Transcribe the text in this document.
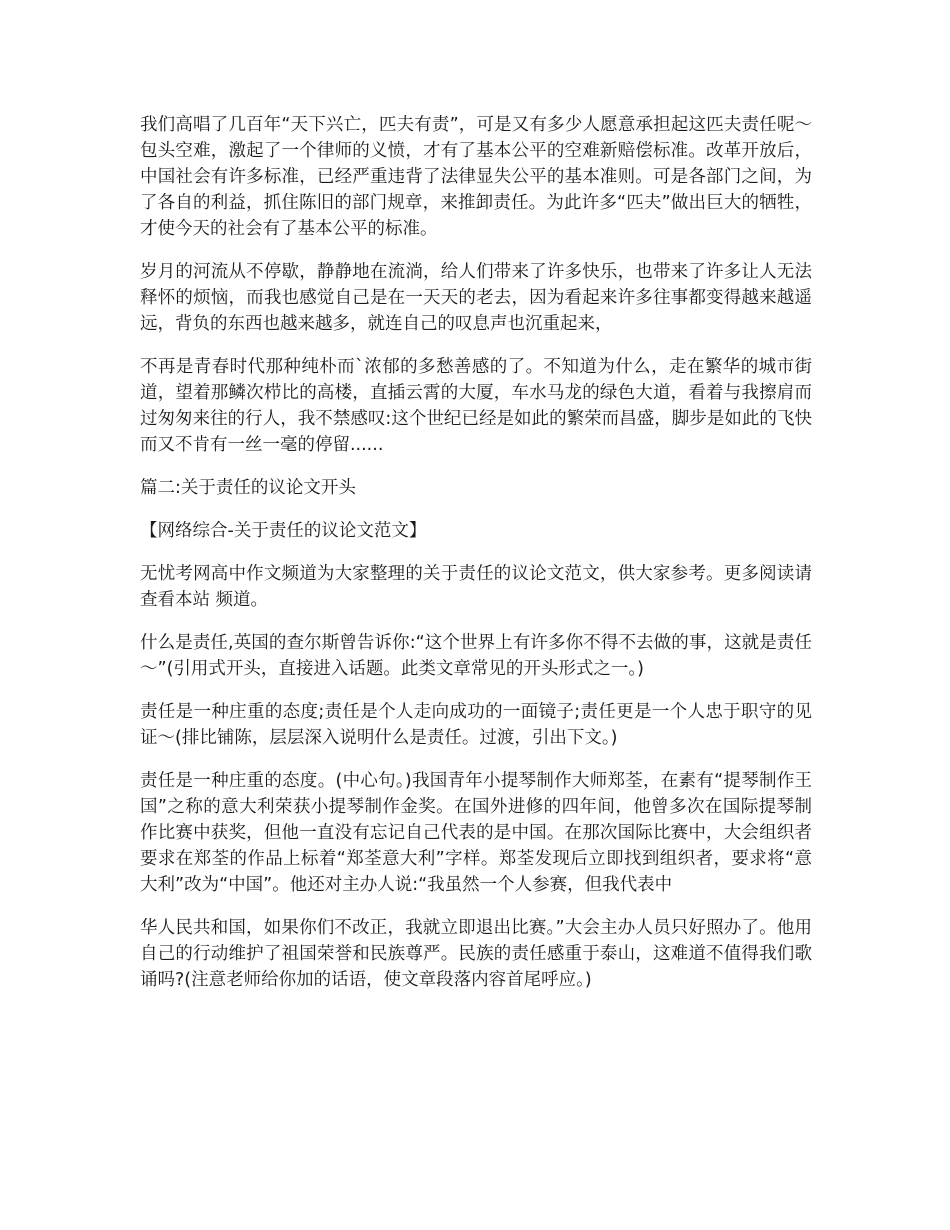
我们高唱了几百年“天下兴亡，匹夫有责”，可是又有多少人愿意承担起这匹夫责任呢～包头空难，激起了一个律师的义愤，才有了基本公平的空难新赔偿标准。改革开放后，中国社会有许多标准，已经严重违背了法律显失公平的基本准则。可是各部门之间，为了各自的利益，抓住陈旧的部门规章，来推卸责任。为此许多“匹夫”做出巨大的牺牲，才使今天的社会有了基本公平的标准。

岁月的河流从不停歇，静静地在流淌，给人们带来了许多快乐，也带来了许多让人无法释怀的烦恼，而我也感觉自己是在一天天的老去，因为看起来许多往事都变得越来越遥远，背负的东西也越来越多，就连自己的叹息声也沉重起来，

不再是青春时代那种纯朴而`浓郁的多愁善感的了。不知道为什么，走在繁华的城市街道，望着那鳞次栉比的高楼，直插云霄的大厦，车水马龙的绿色大道，看着与我擦肩而过匆匆来往的行人，我不禁感叹:这个世纪已经是如此的繁荣而昌盛，脚步是如此的飞快而又不肯有一丝一毫的停留......

篇二:关于责任的议论文开头

【网络综合-关于责任的议论文范文】

无忧考网高中作文频道为大家整理的关于责任的议论文范文，供大家参考。更多阅读请查看本站 频道。

什么是责任,英国的查尔斯曾告诉你:“这个世界上有许多你不得不去做的事，这就是责任～”(引用式开头，直接进入话题。此类文章常见的开头形式之一。)

责任是一种庄重的态度;责任是个人走向成功的一面镜子;责任更是一个人忠于职守的见证～(排比铺陈，层层深入说明什么是责任。过渡，引出下文。)

责任是一种庄重的态度。(中心句。)我国青年小提琴制作大师郑荃，在素有“提琴制作王国”之称的意大利荣获小提琴制作金奖。在国外进修的四年间，他曾多次在国际提琴制作比赛中获奖，但他一直没有忘记自己代表的是中国。在那次国际比赛中，大会组织者要求在郑荃的作品上标着“郑荃意大利”字样。郑荃发现后立即找到组织者，要求将“意大利”改为“中国”。他还对主办人说:“我虽然一个人参赛，但我代表中

华人民共和国，如果你们不改正，我就立即退出比赛。”大会主办人员只好照办了。他用自己的行动维护了祖国荣誉和民族尊严。民族的责任感重于泰山，这难道不值得我们歌诵吗?(注意老师给你加的话语，使文章段落内容首尾呼应。)
